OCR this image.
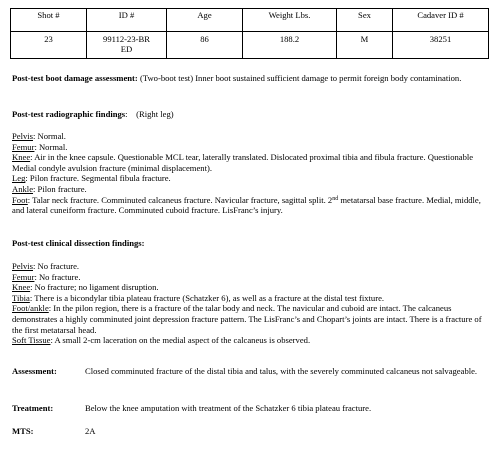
Shot #	ID #	Age	Weight Lbs.	Sex	Cadaver ID #
23	99112-23-BRED	86	188.2	M	38251
Post-test boot damage assessment: (Two-boot test) Inner boot sustained sufficient damage to permit foreign body contamination.
Post-test radiographic findings: (Right leg)
Pelvis: Normal.
Femur: Normal.
Knee: Air in the knee capsule. Questionable MCL tear, laterally translated. Dislocated proximal tibia and fibula fracture. Questionable Medial condyle avulsion fracture (minimal displacement).
Leg: Pilon fracture. Segmental fibula fracture.
Ankle: Pilon fracture.
Foot: Talar neck fracture. Comminuted calcaneus fracture. Navicular fracture, sagittal split. 2nd metatarsal base fracture. Medial, middle, and lateral cuneiform fracture. Comminuted cuboid fracture. LisFranc’s injury.
Post-test clinical dissection findings:
Pelvis: No fracture.
Femur: No fracture.
Knee: No fracture; no ligament disruption.
Tibia: There is a bicondylar tibia plateau fracture (Schatzker 6), as well as a fracture at the distal test fixture.
Foot/ankle: In the pilon region, there is a fracture of the talar body and neck. The navicular and cuboid are intact. The calcaneus demonstrates a highly comminuted joint depression fracture pattern. The LisFranc’s and Chopart’s joints are intact. There is a fracture of the first metatarsal head.
Soft Tissue: A small 2-cm laceration on the medial aspect of the calcaneus is observed.
Assessment:	Closed comminuted fracture of the distal tibia and talus, with the severely comminuted calcaneus not salvageable.
Treatment:	Below the knee amputation with treatment of the Schatzker 6 tibia plateau fracture.
MTS:	2A
